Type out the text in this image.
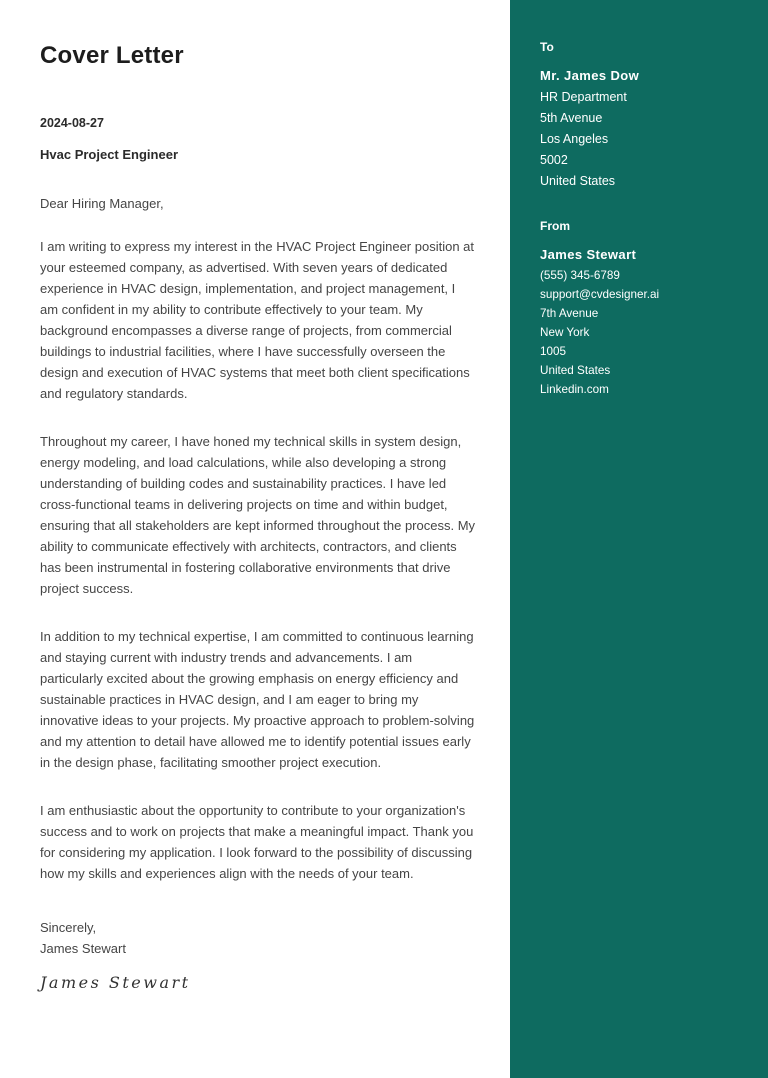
Cover Letter
2024-08-27
Hvac Project Engineer
Dear Hiring Manager,

I am writing to express my interest in the HVAC Project Engineer position at your esteemed company, as advertised. With seven years of dedicated experience in HVAC design, implementation, and project management, I am confident in my ability to contribute effectively to your team. My background encompasses a diverse range of projects, from commercial buildings to industrial facilities, where I have successfully overseen the design and execution of HVAC systems that meet both client specifications and regulatory standards.

Throughout my career, I have honed my technical skills in system design, energy modeling, and load calculations, while also developing a strong understanding of building codes and sustainability practices. I have led cross-functional teams in delivering projects on time and within budget, ensuring that all stakeholders are kept informed throughout the process. My ability to communicate effectively with architects, contractors, and clients has been instrumental in fostering collaborative environments that drive project success.

In addition to my technical expertise, I am committed to continuous learning and staying current with industry trends and advancements. I am particularly excited about the growing emphasis on energy efficiency and sustainable practices in HVAC design, and I am eager to bring my innovative ideas to your projects. My proactive approach to problem-solving and my attention to detail have allowed me to identify potential issues early in the design phase, facilitating smoother project execution.

I am enthusiastic about the opportunity to contribute to your organization's success and to work on projects that make a meaningful impact. Thank you for considering my application. I look forward to the possibility of discussing how my skills and experiences align with the needs of your team.

Sincerely,
James Stewart
James Stewart
To
Mr. James Dow
HR Department
5th Avenue
Los Angeles
5002
United States
From
James Stewart
(555) 345-6789
support@cvdesigner.ai
7th Avenue
New York
1005
United States
Linkedin.com
